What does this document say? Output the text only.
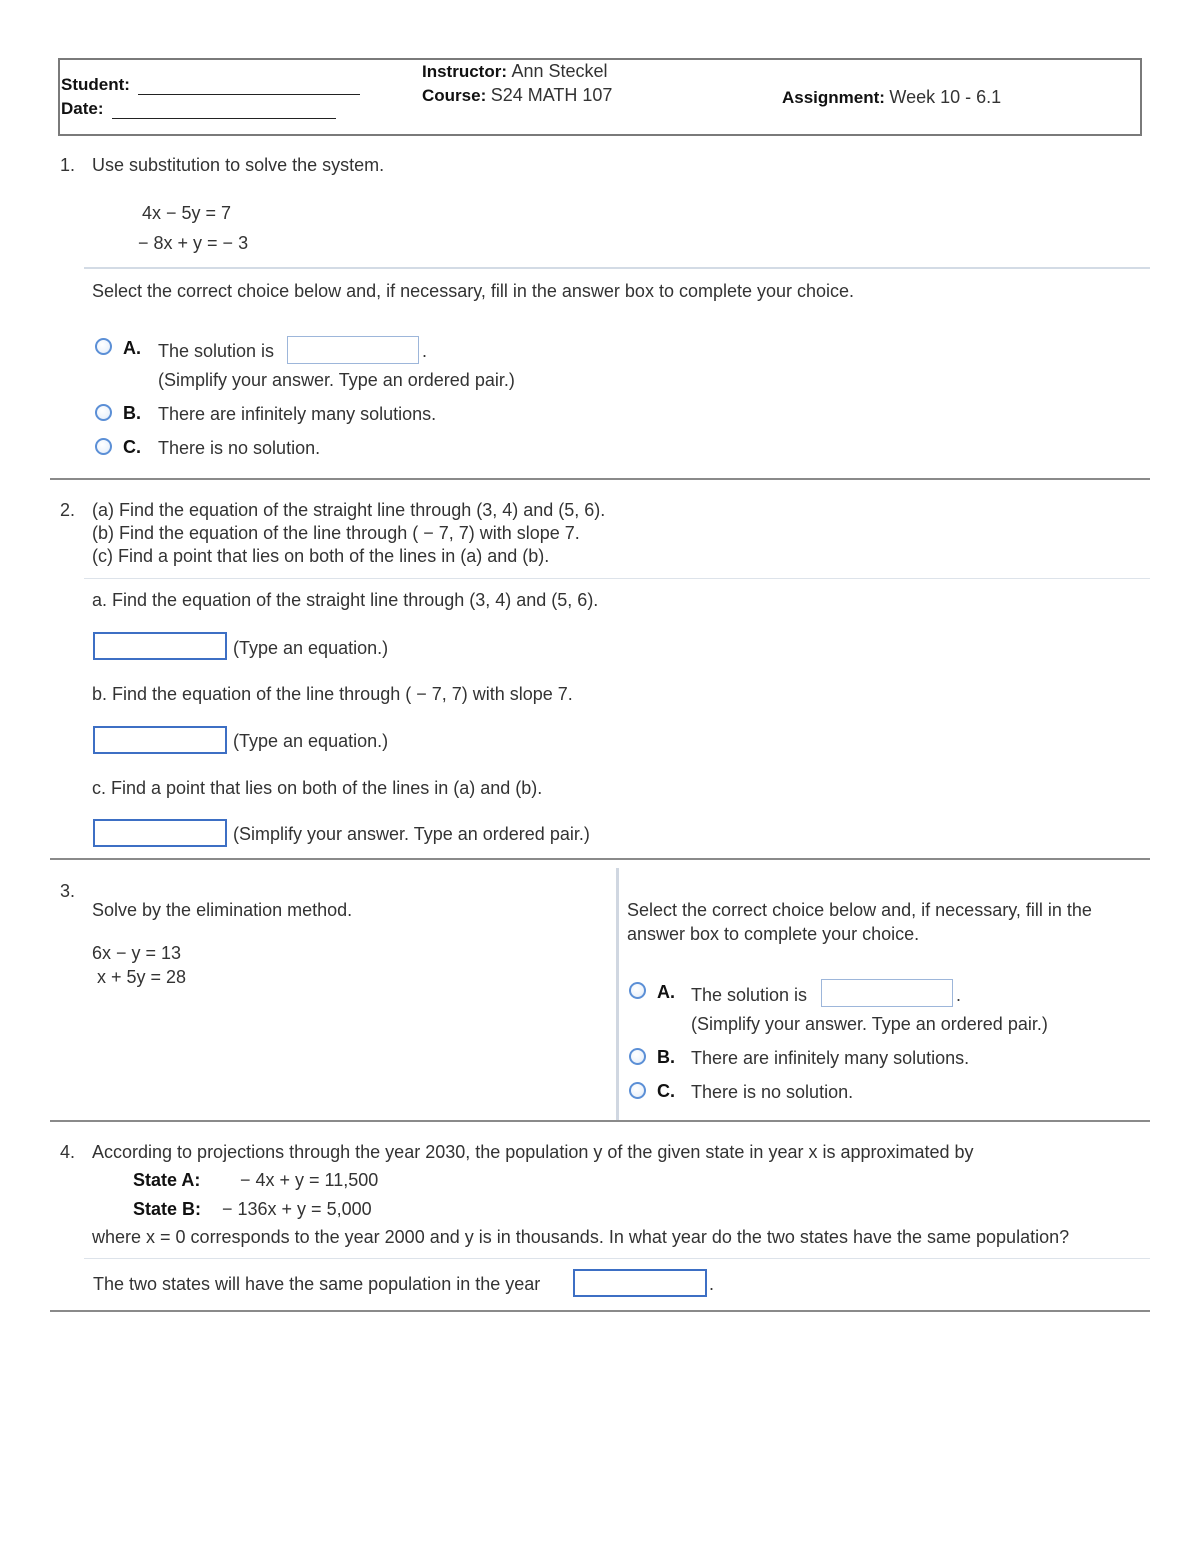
Student:
Date:
Instructor: Ann Steckel
Course: S24 MATH 107	Assignment: Week 10 - 6.1
1. Use substitution to solve the system.
4x − 5y = 7
− 8x + y = − 3
Select the correct choice below and, if necessary, fill in the answer box to complete your choice.
A. The solution is	.
(Simplify your answer. Type an ordered pair.)
B. There are infinitely many solutions.
C. There is no solution.
2. (a) Find the equation of the straight line through (3, 4) and (5, 6).
(b) Find the equation of the line through ( − 7, 7) with slope 7.
(c) Find a point that lies on both of the lines in (a) and (b).
a. Find the equation of the straight line through (3, 4) and (5, 6).
(Type an equation.)
b. Find the equation of the line through ( − 7, 7) with slope 7.
(Type an equation.)
c. Find a point that lies on both of the lines in (a) and (b).
(Simplify your answer. Type an ordered pair.)
3.
Solve by the elimination method.
6x − y = 13
x + 5y = 28
Select the correct choice below and, if necessary, fill in the
answer box to complete your choice.
A. The solution is	.
(Simplify your answer. Type an ordered pair.)
B. There are infinitely many solutions.
C. There is no solution.
4. According to projections through the year 2030, the population y of the given state in year x is approximated by
State A: − 4x + y = 11,500
State B: − 136x + y = 5,000
where x = 0 corresponds to the year 2000 and y is in thousands. In what year do the two states have the same population?
The two states will have the same population in the year	.
